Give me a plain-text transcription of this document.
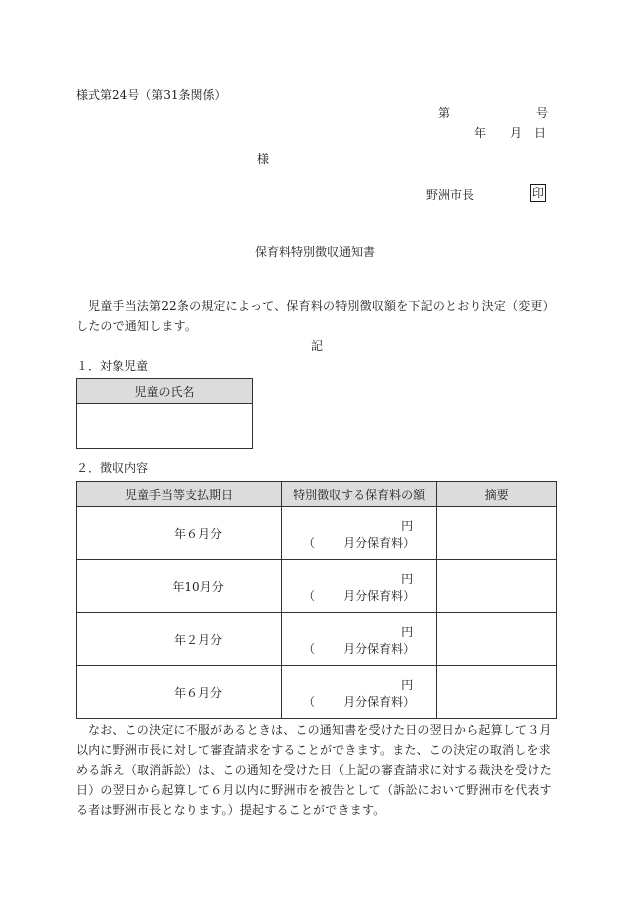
様式第24号（第31条関係）
第	号
年 月 日
様
野洲市長	印
保育料特別徴収通知書
児童手当法第22条の規定によって、保育料の特別徴収額を下記のとおり決定（変更）したので通知します。
記
１．対象児童
児童の氏名

２．徴収内容
児童手当等支払期日	特別徴収する保育料の額	摘要
年６月分	円
（ 月分保育料）	

年10月分	円
（ 月分保育料）	

年２月分	円
（ 月分保育料）	

年６月分	円
（ 月分保育料）	

なお、この決定に不服があるときは、この通知書を受けた日の翌日から起算して３月以内に野洲市長に対して審査請求をすることができます。また、この決定の取消しを求める訴え（取消訴訟）は、この通知を受けた日（上記の審査請求に対する裁決を受けた日）の翌日から起算して６月以内に野洲市を被告として（訴訟において野洲市を代表する者は野洲市長となります。）提起することができます。
